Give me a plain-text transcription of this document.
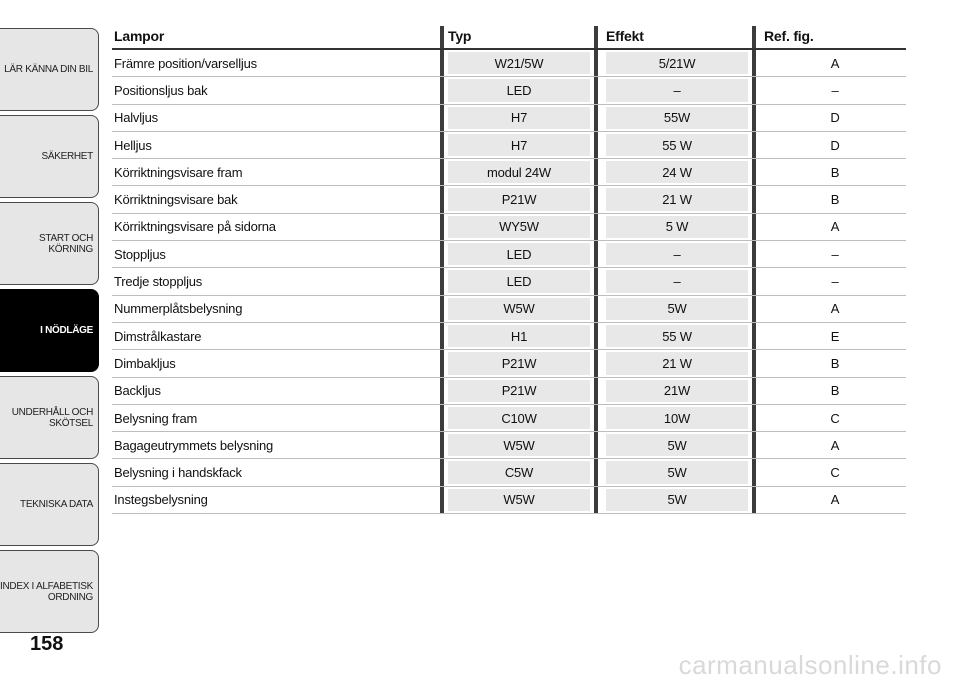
LÄR KÄNNA DIN BIL
SÄKERHET
START OCH
KÖRNING
I NÖDLÄGE
UNDERHÅLL OCH
SKÖTSEL
TEKNISKA DATA
INDEX I ALFABETISK
ORDNING
158
Lampor	Typ	Effekt	Ref. fig.
Främre position/varselljus	W21/5W	5/21W	A
Positionsljus bak	LED	–	–
Halvljus	H7	55W	D
Helljus	H7	55 W	D
Körriktningsvisare fram	modul 24W	24 W	B
Körriktningsvisare bak	P21W	21 W	B
Körriktningsvisare på sidorna	WY5W	5 W	A
Stoppljus	LED	–	–
Tredje stoppljus	LED	–	–
Nummerplåtsbelysning	W5W	5W	A
Dimstrålkastare	H1	55 W	E
Dimbakljus	P21W	21 W	B
Backljus	P21W	21W	B
Belysning fram	C10W	10W	C
Bagageutrymmets belysning	W5W	5W	A
Belysning i handskfack	C5W	5W	C
Instegsbelysning	W5W	5W	A
carmanualsonline.info
